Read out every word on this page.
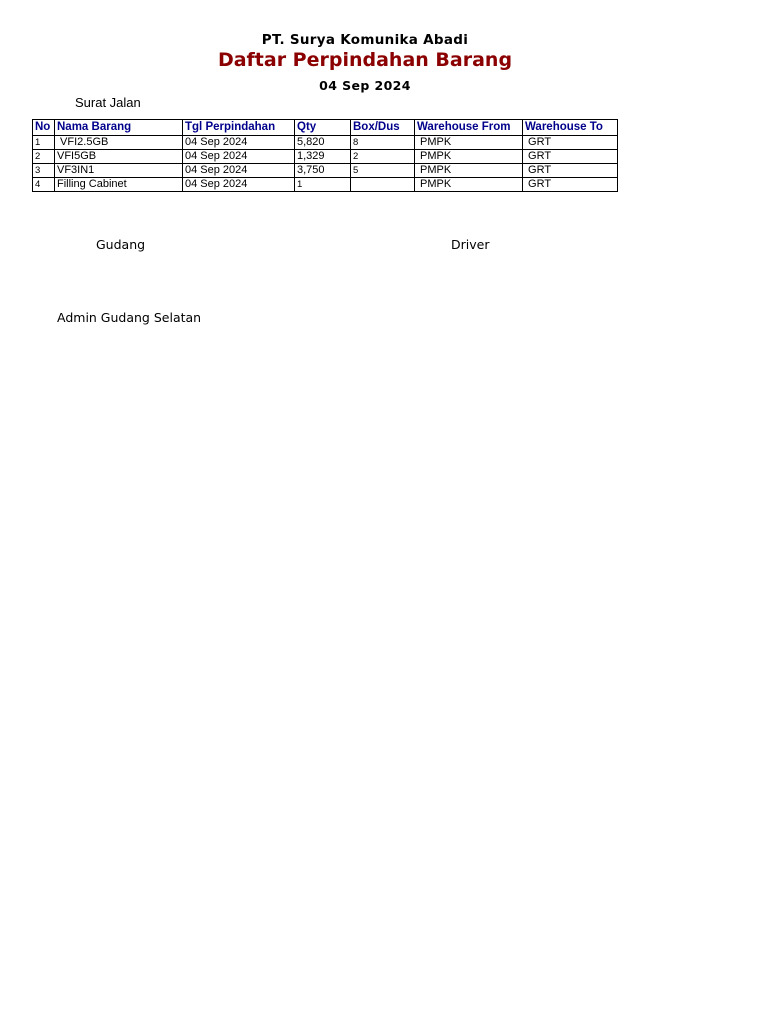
PT. Surya Komunika Abadi
Daftar Perpindahan Barang
04 Sep 2024
Surat Jalan
No	Nama Barang	Tgl Perpindahan	Qty	Box/Dus	Warehouse From	Warehouse To
1	VFI2.5GB	04 Sep 2024	5,820	8	PMPK	GRT
2	VFI5GB	04 Sep 2024	1,329	2	PMPK	GRT
3	VF3IN1	04 Sep 2024	3,750	5	PMPK	GRT
4	Filling Cabinet	04 Sep 2024	1		PMPK	GRT
Gudang	Driver
Admin Gudang Selatan
